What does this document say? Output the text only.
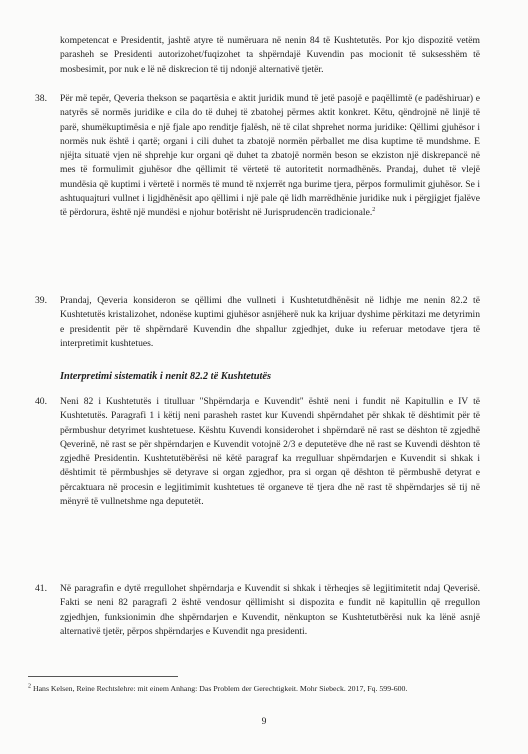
kompetencat e Presidentit, jashtë atyre të numëruara në nenin 84 të Kushtetutës. Por kjo dispozitë vetëm parasheh se Presidenti autorizohet/fuqizohet ta shpërndajë Kuvendin pas mocionit të suksesshëm të mosbesimit, por nuk e lë në diskrecion të tij ndonjë alternativë tjetër.

38. Për më tepër, Qeveria thekson se paqartësia e aktit juridik mund të jetë pasojë e paqëllimtë (e padëshiruar) e natyrës së normës juridike e cila do të duhej të zbatohej përmes aktit konkret. Këtu, qëndrojnë në linjë të parë, shumëkuptimësia e një fjale apo renditje fjalësh, në të cilat shprehet norma juridike: Qëllimi gjuhësor i normës nuk është i qartë; organi i cili duhet ta zbatojë normën përballet me disa kuptime të mundshme. E njëjta situatë vjen në shprehje kur organi që duhet ta zbatojë normën beson se ekziston një diskrepancë në mes të formulimit gjuhësor dhe qëllimit të vërtetë të autoritetit normadhënës. Prandaj, duhet të vlejë mundësia që kuptimi i vërtetë i normës të mund të nxjerrët nga burime tjera, përpos formulimit gjuhësor. Se i ashtuquajturi vullnet i ligjdhënësit apo qëllimi i një pale që lidh marrëdhënie juridike nuk i përgjigjet fjalëve të përdorura, është një mundësi e njohur botërisht në Jurisprudencën tradicionale.$^2$

39. Prandaj, Qeveria konsideron se qëllimi dhe vullneti i Kushtetutdhënësit në lidhje me nenin 82.2 të Kushtetutës kristalizohet, ndonëse kuptimi gjuhësor asnjëherë nuk ka krijuar dyshime përkitazi me detyrimin e presidentit për të shpërndarë Kuvendin dhe shpallur zgjedhjet, duke iu referuar metodave tjera të interpretimit kushtetues.

Interpretimi sistematik i nenit 82.2 të Kushtetutës

40. Neni 82 i Kushtetutës i titulluar "Shpërndarja e Kuvendit" është neni i fundit në Kapitullin e IV të Kushtetutës. Paragrafi 1 i këtij neni parasheh rastet kur Kuvendi shpërndahet për shkak të dështimit për të përmbushur detyrimet kushtetuese. Kështu Kuvendi konsiderohet i shpërndarë në rast se dështon të zgjedhë Qeverinë, në rast se për shpërndarjen e Kuvendit votojnë 2/3 e deputetëve dhe në rast se Kuvendi dështon të zgjedhë Presidentin. Kushtetutëbërësi në këtë paragraf ka rregulluar shpërndarjen e Kuvendit si shkak i dështimit të përmbushjes së detyrave si organ zgjedhor, pra si organ që dështon të përmbushë detyrat e përcaktuara në procesin e legjitimimit kushtetues të organeve të tjera dhe në rast të shpërndarjes së tij në mënyrë të vullnetshme nga deputetët.

41. Në paragrafin e dytë rregullohet shpërndarja e Kuvendit si shkak i tërheqjes së legjitimitetit ndaj Qeverisë. Fakti se neni 82 paragrafi 2 është vendosur qëllimisht si dispozita e fundit në kapitullin që rregullon zgjedhjen, funksionimin dhe shpërndarjen e Kuvendit, nënkupton se Kushtetutbërësi nuk ka lënë asnjë alternativë tjetër, përpos shpërndarjes e Kuvendit nga presidenti.

$^2$ Hans Kelsen, Reine Rechtslehre: mit einem Anhang: Das Problem der Gerechtigkeit. Mohr Siebeck. 2017, Fq. 599-600.

9
